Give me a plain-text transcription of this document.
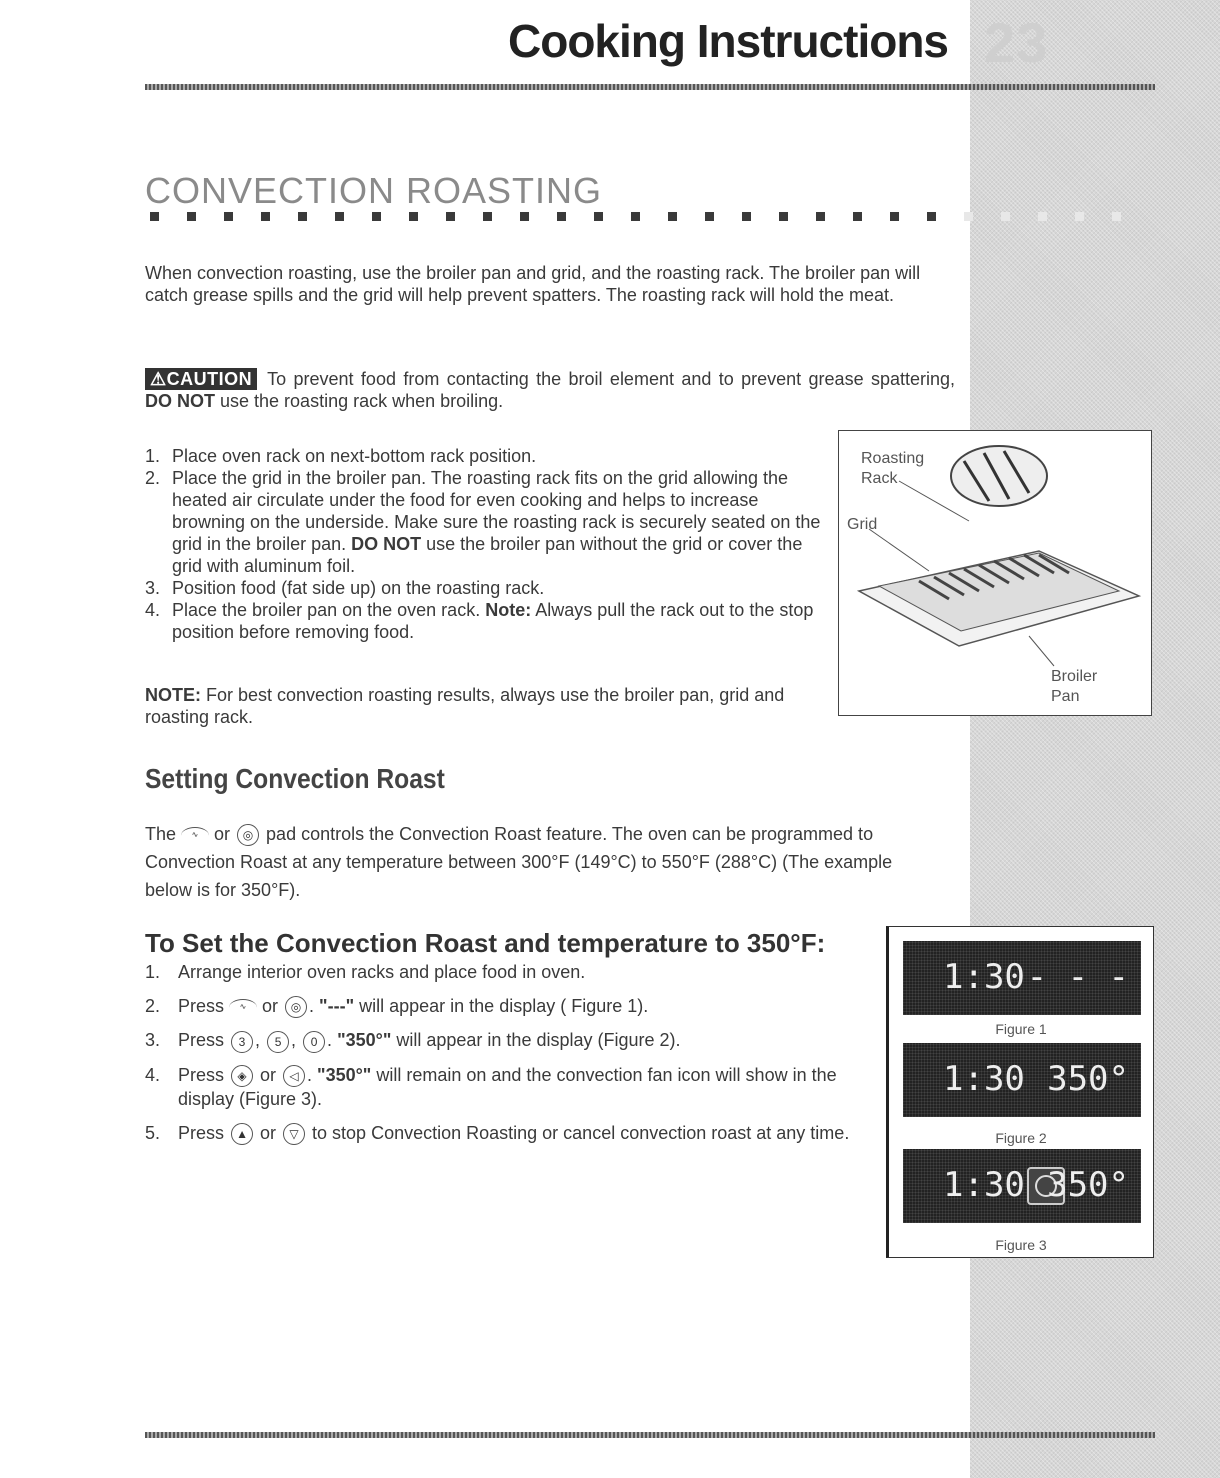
23
Cooking Instructions
CONVECTION ROASTING
When convection roasting, use the broiler pan and grid, and the roasting rack. The broiler pan will catch grease spills and the grid will help prevent spatters. The roasting rack will hold the meat.
⚠CAUTION To prevent food from contacting the broil element and to prevent grease spattering, DO NOT use the roasting rack when broiling.
1. Place oven rack on next-bottom rack position.
2. Place the grid in the broiler pan. The roasting rack fits on the grid allowing the heated air circulate under the food for even cooking and helps to increase browning on the underside. Make sure the roasting rack is securely seated on the grid in the broiler pan. DO NOT use the broiler pan without the grid or cover the grid with aluminum foil.
3. Position food (fat side up) on the roasting rack.
4. Place the broiler pan on the oven rack. Note: Always pull the rack out to the stop position before removing food.
NOTE: For best convection roasting results, always use the broiler pan, grid and roasting rack.
Roasting Rack
Grid
Broiler Pan
Setting Convection Roast
The ∿ or ◎ pad controls the Convection Roast feature. The oven can be programmed to Convection Roast at any temperature between 300°F (149°C) to 550°F (288°C) (The example below is for 350°F).
To Set the Convection Roast and temperature to 350°F:
1. Arrange interior oven racks and place food in oven.
2. Press ∿ or ◎ . "---" will appear in the display ( Figure 1).
3. Press 3 , 5 , 0 . "350°" will appear in the display (Figure 2).
4. Press ◈ or ◁ . "350°" will remain on and the convection fan icon will show in the display (Figure 3).
5. Press ▲ or ▽ to stop Convection Roasting or cancel convection roast at any time.
1:30 - - -
Figure 1
1:30 350°
Figure 2
1:30 350°
Figure 3
